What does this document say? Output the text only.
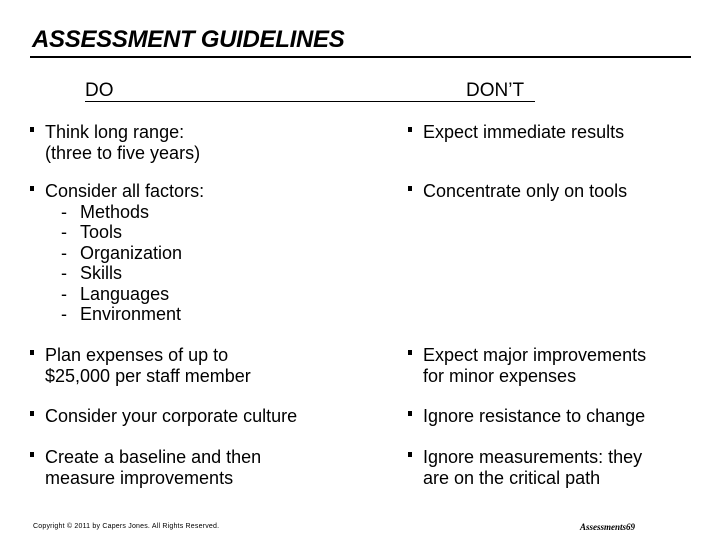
ASSESSMENT GUIDELINES
DO	DON’T
Think long range:
(three to five years)
Consider all factors:
- Methods
- Tools
- Organization
- Skills
- Languages
- Environment
Plan expenses of up to
$25,000 per staff member
Consider your corporate culture
Create a baseline and then
measure improvements
Expect immediate results
Concentrate only on tools
Expect major improvements
for minor expenses
Ignore resistance to change
Ignore measurements: they
are on the critical path
Copyright © 2011 by Capers Jones. All Rights Reserved.	Assessments69
